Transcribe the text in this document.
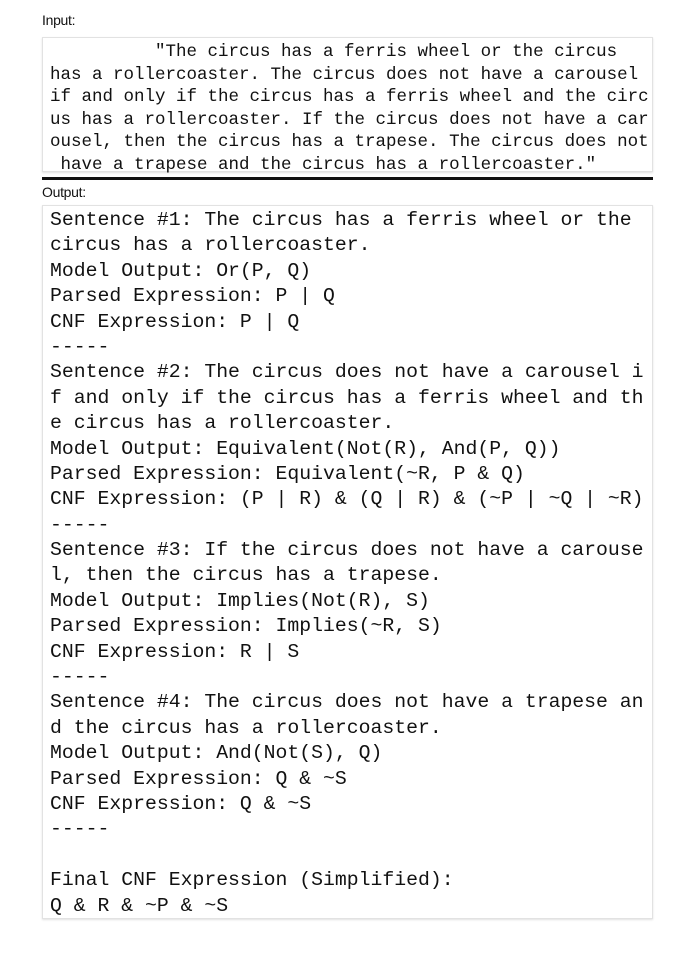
Input:
"The circus has a ferris wheel or the circus
has a rollercoaster. The circus does not have a carousel
if and only if the circus has a ferris wheel and the circ
us has a rollercoaster. If the circus does not have a car
ousel, then the circus has a trapese. The circus does not
have a trapese and the circus has a rollercoaster."
Output:
Sentence #1: The circus has a ferris wheel or the
circus has a rollercoaster.
Model Output: Or(P, Q)
Parsed Expression: P | Q
CNF Expression: P | Q
-----
Sentence #2: The circus does not have a carousel i
f and only if the circus has a ferris wheel and th
e circus has a rollercoaster.
Model Output: Equivalent(Not(R), And(P, Q))
Parsed Expression: Equivalent(~R, P & Q)
CNF Expression: (P | R) & (Q | R) & (~P | ~Q | ~R)
-----
Sentence #3: If the circus does not have a carouse
l, then the circus has a trapese.
Model Output: Implies(Not(R), S)
Parsed Expression: Implies(~R, S)
CNF Expression: R | S
-----
Sentence #4: The circus does not have a trapese an
d the circus has a rollercoaster.
Model Output: And(Not(S), Q)
Parsed Expression: Q & ~S
CNF Expression: Q & ~S
-----
Final CNF Expression (Simplified):
Q & R & ~P & ~S
